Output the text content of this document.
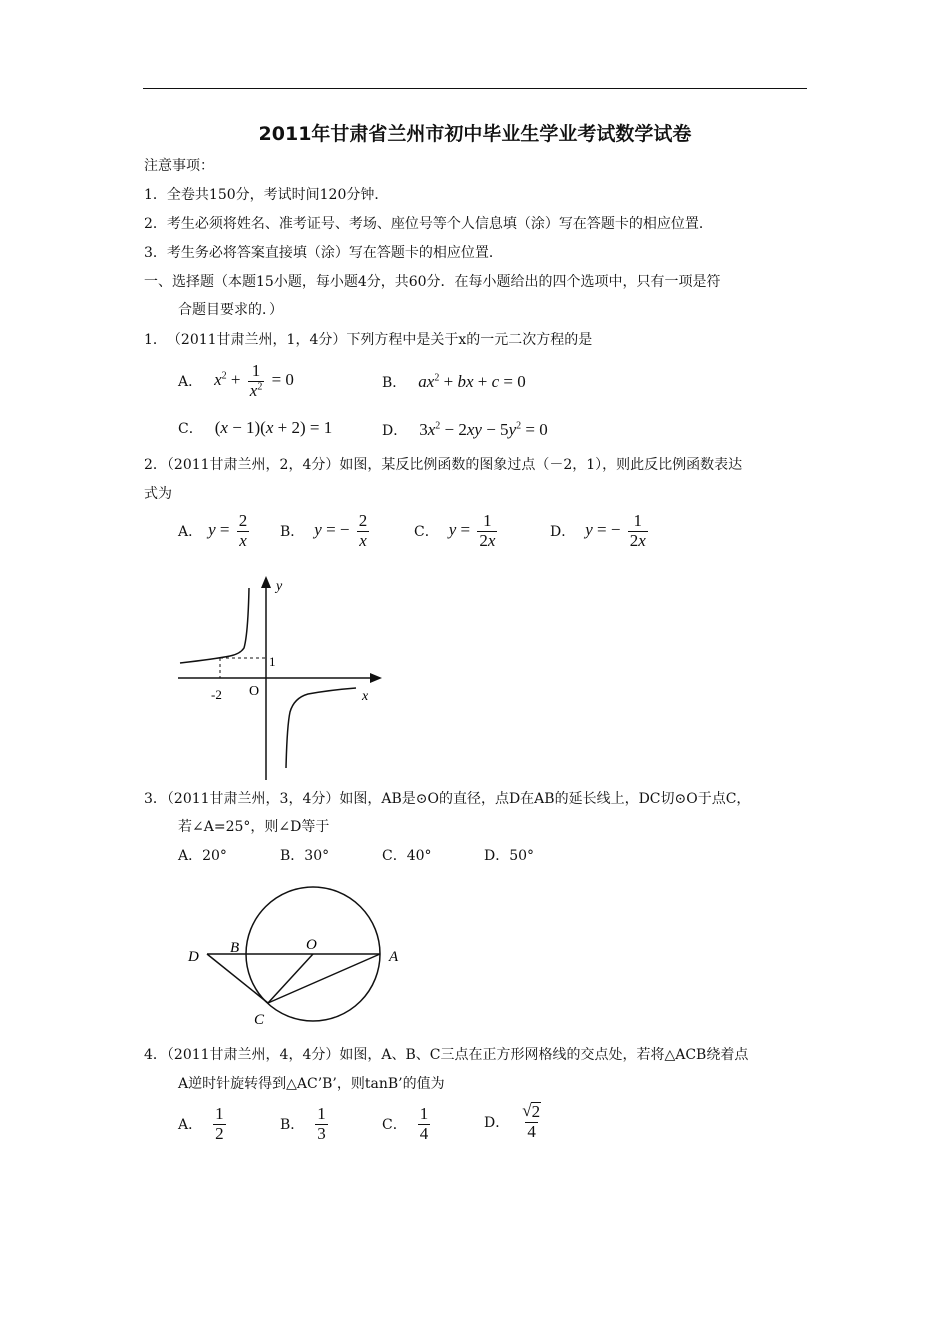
2011年甘肃省兰州市初中毕业生学业考试数学试卷
注意事项：
1．全卷共150分，考试时间120分钟．
2．考生必须将姓名、准考证号、考场、座位号等个人信息填（涂）写在答题卡的相应位置．
3．考生务必将答案直接填（涂）写在答题卡的相应位置．
一、选择题（本题15小题，每小题4分，共60分．在每小题给出的四个选项中，只有一项是符
合题目要求的．）
1．　（2011甘肃兰州，1，4分）下列方程中是关于x的一元二次方程的是
A． $x^2 + \frac{1}{x^2} = 0$	B． $ax^2$ + bx + c = 0
C． (x − 1)(x + 2) = 1	D． $3x^2 - 2xy - 5y^2 = 0$
2．（2011甘肃兰州，2，4分）如图，某反比例函数的图象过点（－2，1），则此反比例函数表达
式为
A． $y = \frac{2}{x}$ B． y = − $\frac{2}{x}$	C． $y = \frac{1}{2x}$	D． y = − $\frac{1}{2x}$
y
x
O
-2
1
3．（2011甘肃兰州，3，4分）如图，AB是⊙O的直径，点D在AB的延长线上，DC切⊙O于点C，
若∠A=25°，则∠D等于
A．20°	B．30°	C．40°	D．50°
D
B	O
A
C
4．（2011甘肃兰州，4，4分）如图，A、B、C三点在正方形网格线的交点处，若将△ACB绕着点
A逆时针旋转得到△AC’B’，则tanB’的值为
A． $\frac{1}{2}$	B． $\frac{1}{3}$	C． $\frac{1}{4}$	D． $\frac{√ 2}{4}$
